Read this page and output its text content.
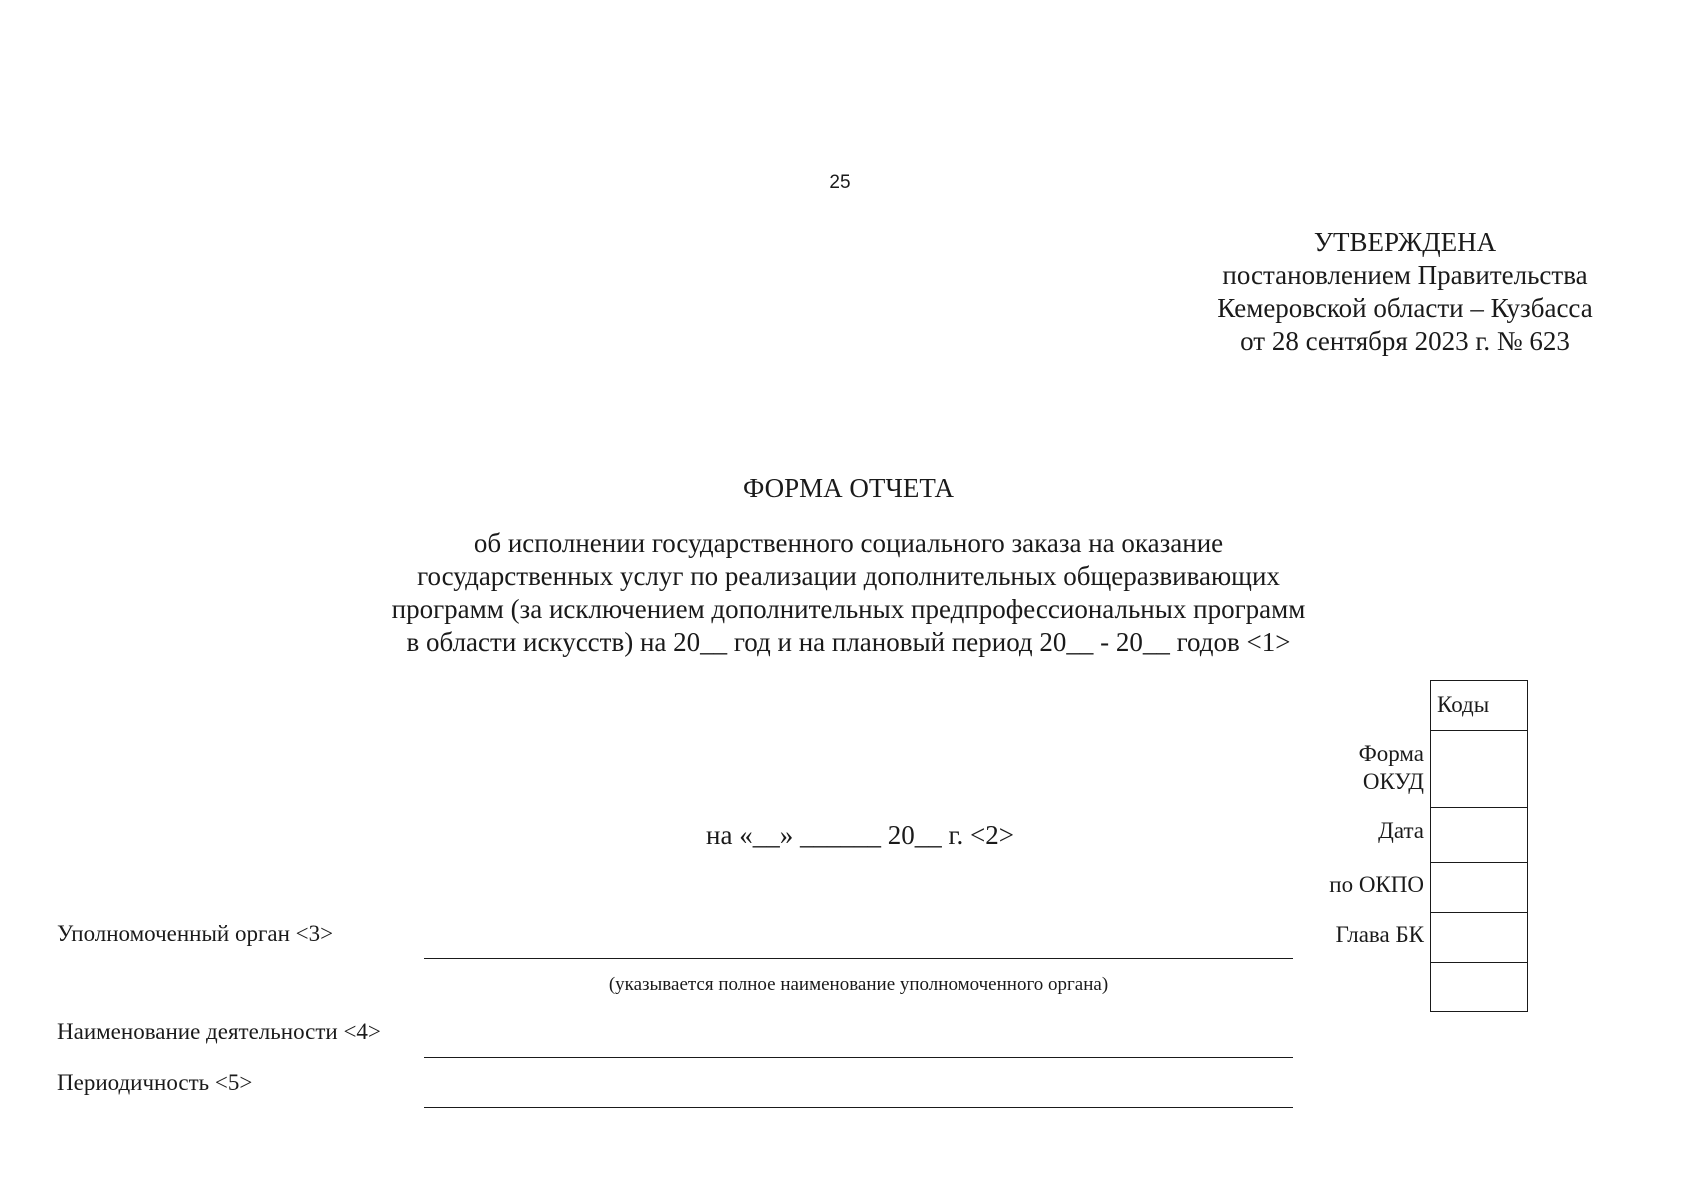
25
УТВЕРЖДЕНА
постановлением Правительства
Кемеровской области – Кузбасса
от 28 сентября 2023 г. № 623
ФОРМА ОТЧЕТА
об исполнении государственного социального заказа на оказание
государственных услуг по реализации дополнительных общеразвивающих
программ (за исключением дополнительных предпрофессиональных программ
в области искусств) на 20__ год и на плановый период 20__ - 20__ годов <1>
на «__» ______ 20__ г. <2>
Коды
Форма
ОКУД
Дата
по ОКПО
Глава БК
Уполномоченный орган <3>
(указывается полное наименование уполномоченного органа)
Наименование деятельности <4>
Периодичность <5>
